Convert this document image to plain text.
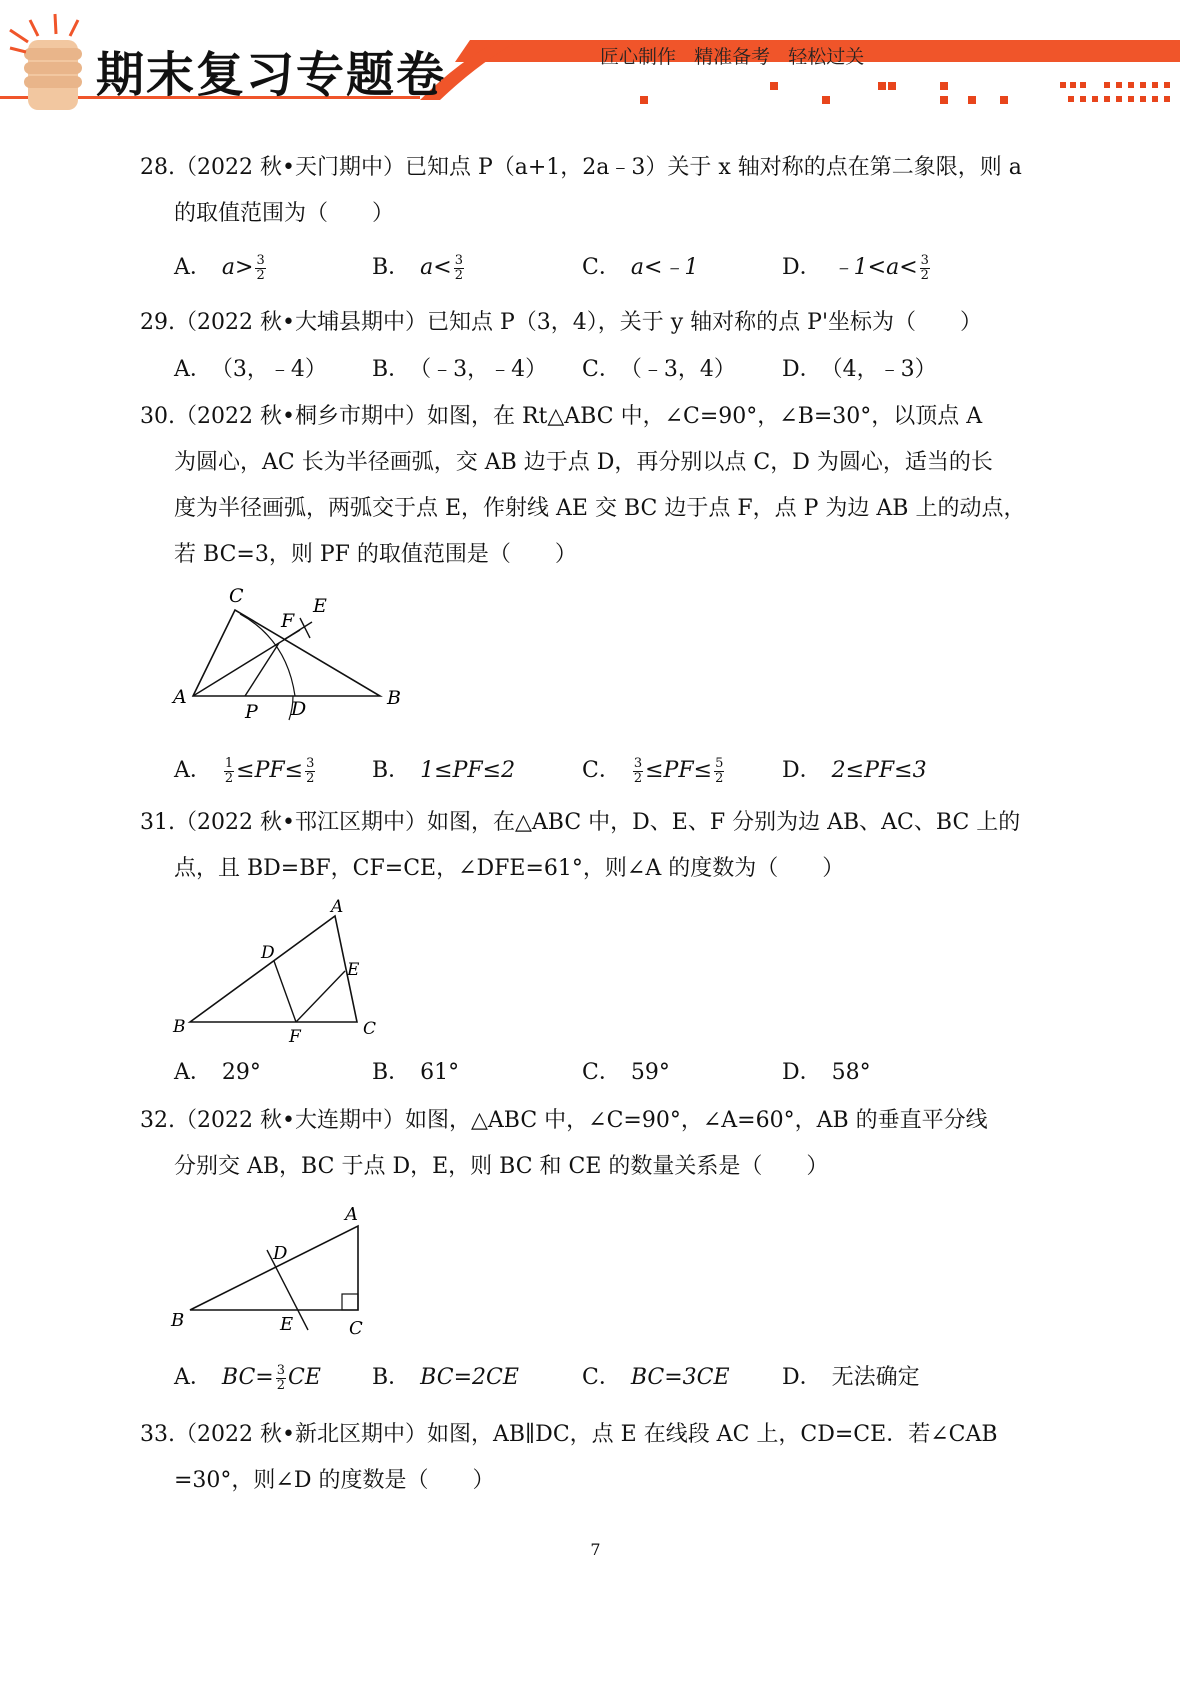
期末复习专题卷	匠心制作   精准备考   轻松过关
28.（2022 秋•天门期中）已知点 P（a+1，2a﹣3）关于 x 轴对称的点在第二象限，则 a
的取值范围为（　　）
A． $a> \frac{3}{2}$	B． $a< \frac{3}{2}$	C． a<﹣1	D． ﹣1<a< $\frac{3}{2}$
29.（2022 秋•大埔县期中）已知点 P（3，4），关于 y 轴对称的点 P'坐标为（　　）
A． （3，﹣4） B． （﹣3，﹣4） C． （﹣3，4） D． （4，﹣3）
30.（2022 秋•桐乡市期中）如图，在 Rt△ABC 中，∠C=90°，∠B=30°，以顶点 A
为圆心，AC 长为半径画弧，交 AB 边于点 D，再分别以点 C，D 为圆心，适当的长
度为半径画弧，两弧交于点 E，作射线 AE 交 BC 边于点 F，点 P 为边 AB 上的动点，
若 BC=3，则 PF 的取值范围是（　　）
C	E
F
A	B
P D
A． $\frac{1}{2} \le PF\le \frac{3}{2}$	B． 1≤PF≤2	C． $\frac{3}{2} \le PF\le \frac{5}{2}$	D． 2≤PF≤3
31.（2022 秋•邗江区期中）如图，在△ABC 中，D、E、F 分别为边 AB、AC、BC 上的
点，且 BD=BF，CF=CE，∠DFE=61°，则∠A 的度数为（　　）
A
D
E
B	C
F
A． 29°	B． 61°	C． 59°	D． 58°
32.（2022 秋•大连期中）如图，△ABC 中，∠C=90°，∠A=60°，AB 的垂直平分线
分别交 AB，BC 于点 D，E，则 BC 和 CE 的数量关系是（　　）
A
D
B	E	C
A． $BC= \frac{3}{2}$ CE B． BC=2CE	C． BC=3CE D． 无法确定
33.（2022 秋•新北区期中）如图，AB∥DC，点 E 在线段 AC 上，CD=CE．若∠CAB
=30°，则∠D 的度数是（　　）
7
